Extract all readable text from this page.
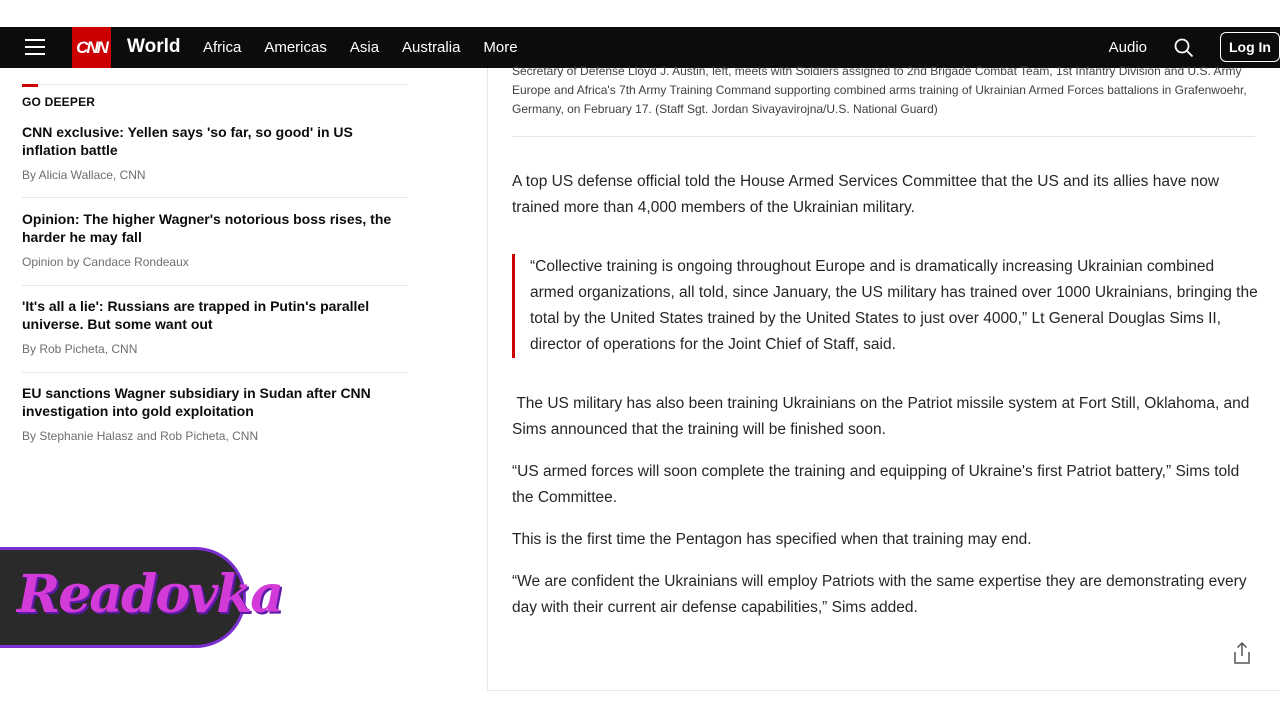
CNN World Africa Americas Asia Australia More	Audio	Log In
GO DEEPER
CNN exclusive: Yellen says 'so far, so good' in US inflation battle
By Alicia Wallace, CNN
Opinion: The higher Wagner's notorious boss rises, the harder he may fall
Opinion by Candace Rondeaux
'It's all a lie': Russians are trapped in Putin's parallel universe. But some want out
By Rob Picheta, CNN
EU sanctions Wagner subsidiary in Sudan after CNN investigation into gold exploitation
By Stephanie Halasz and Rob Picheta, CNN
Secretary of Defense Lloyd J. Austin, left, meets with Soldiers assigned to 2nd Brigade Combat Team, 1st Infantry Division and U.S. Army Europe and Africa's 7th Army Training Command supporting combined arms training of Ukrainian Armed Forces battalions in Grafenwoehr, Germany, on February 17. (Staff Sgt. Jordan Sivayavirojna/U.S. National Guard)
A top US defense official told the House Armed Services Committee that the US and its allies have now trained more than 4,000 members of the Ukrainian military.
“Collective training is ongoing throughout Europe and is dramatically increasing Ukrainian combined armed organizations, all told, since January, the US military has trained over 1000 Ukrainians, bringing the total by the United States trained by the United States to just over 4000,” Lt General Douglas Sims II, director of operations for the Joint Chief of Staff, said.
The US military has also been training Ukrainians on the Patriot missile system at Fort Still, Oklahoma, and Sims announced that the training will be finished soon.
“US armed forces will soon complete the training and equipping of Ukraine's first Patriot battery,” Sims told the Committee.
This is the first time the Pentagon has specified when that training may end.
“We are confident the Ukrainians will employ Patriots with the same expertise they are demonstrating every day with their current air defense capabilities,” Sims added.
Readovka
